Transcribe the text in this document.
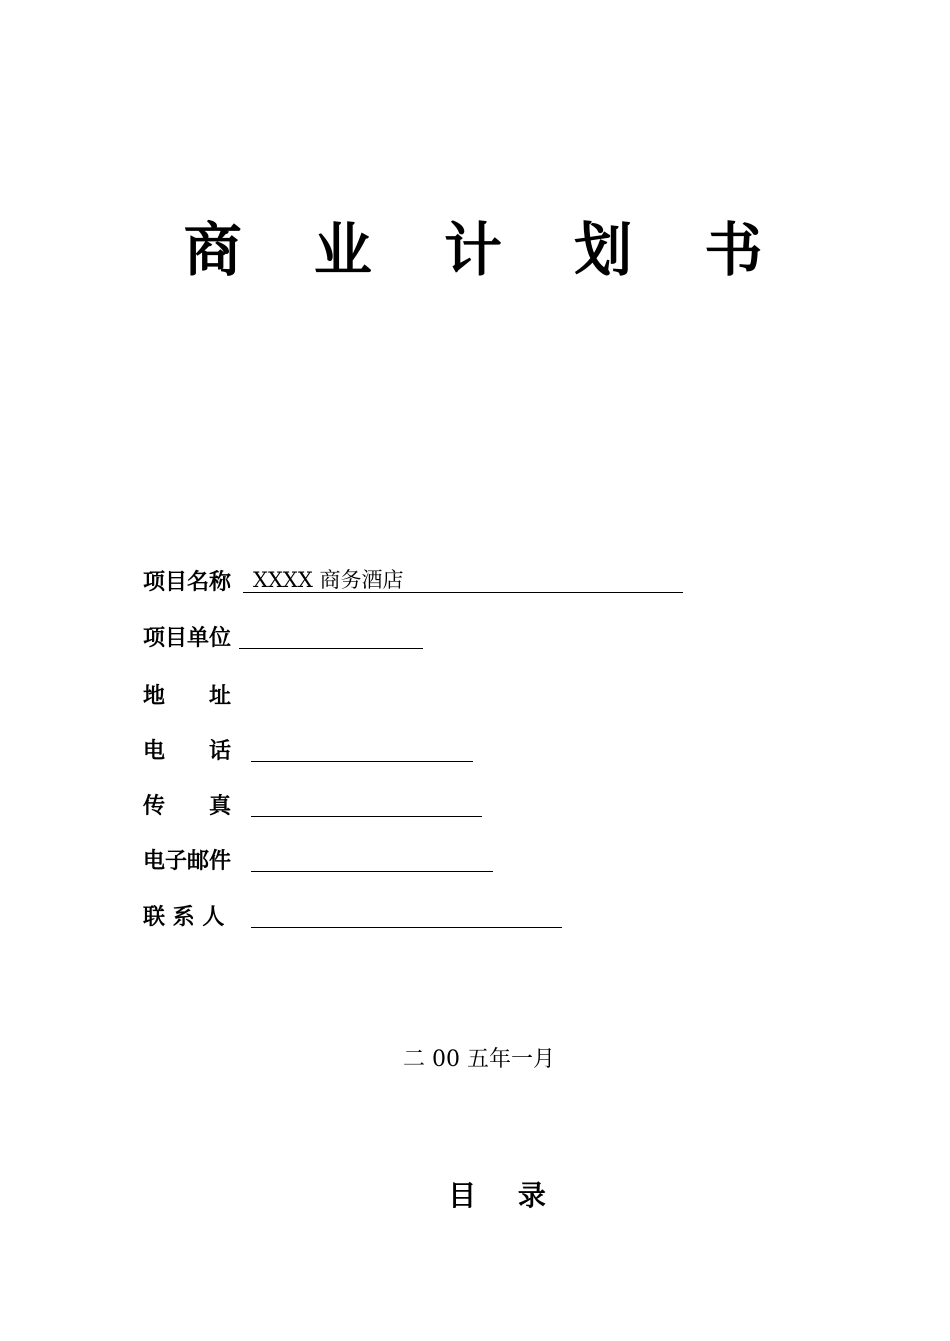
商 业 计 划 书
项目名称 XXXX 商务酒店
项目单位
地　　址
电　　话
传　　真
电子邮件
联 系 人
二 00 五年一月
目 录
